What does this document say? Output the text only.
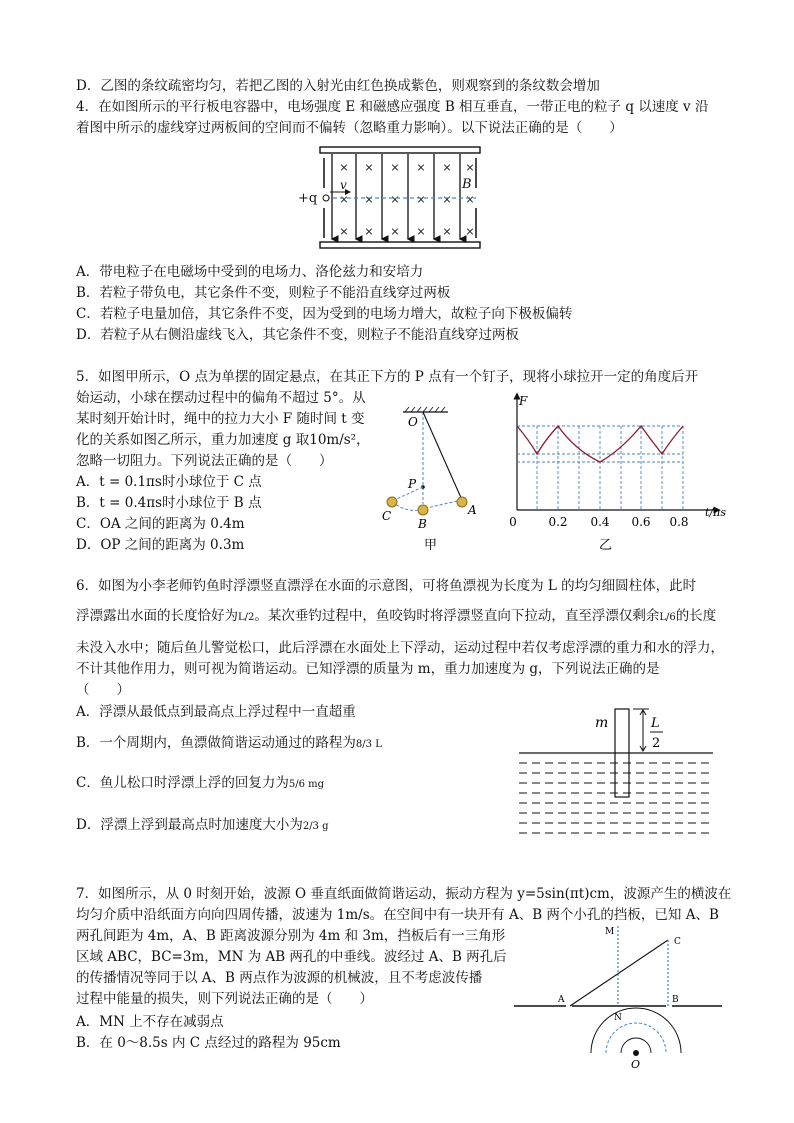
D．乙图的条纹疏密均匀，若把乙图的入射光由红色换成紫色，则观察到的条纹数会增加
4．在如图所示的平行板电容器中，电场强度 E 和磁感应强度 B 相互垂直，一带正电的粒子 q 以速度 v 沿
着图中所示的虚线穿过两板间的空间而不偏转（忽略重力影响）。以下说法正确的是（　　）
× × × × × ×
× × × × × ×
× × × × × ×
+q
v	B
A．带电粒子在电磁场中受到的电场力、洛伦兹力和安培力
B．若粒子带负电，其它条件不变，则粒子不能沿直线穿过两板
C．若粒子电量加倍，其它条件不变，因为受到的电场力增大，故粒子向下极板偏转
D．若粒子从右侧沿虚线飞入，其它条件不变，则粒子不能沿直线穿过两板
5．如图甲所示，O 点为单摆的固定悬点，在其正下方的 P 点有一个钉子，现将小球拉开一定的角度后开
始运动，小球在摆动过程中的偏角不超过 5°。从
某时刻开始计时，绳中的拉力大小 F 随时间 t 变
化的关系如图乙所示，重力加速度 g 取10m/s²，
忽略一切阻力。下列说法正确的是（　　）
A．t = 0.1πs时小球位于 C 点
B．t = 0.4πs时小球位于 B 点
C．OA 之间的距离为 0.4m
D．OP 之间的距离为 0.3m
O
P
A
B
C
甲
F
t/πs
0	0.2 0.4 0.6 0.8
乙
6．如图为小李老师钓鱼时浮漂竖直漂浮在水面的示意图，可将鱼漂视为长度为 L 的均匀细圆柱体，此时
浮漂露出水面的长度恰好为L/2。某次垂钓过程中，鱼咬钩时将浮漂竖直向下拉动，直至浮漂仅剩余L/6的长度
未没入水中；随后鱼儿警觉松口，此后浮漂在水面处上下浮动，运动过程中若仅考虑浮漂的重力和水的浮力，
不计其他作用力，则可视为简谐运动。已知浮漂的质量为 m，重力加速度为 g，下列说法正确的是
（　　）
A．浮漂从最低点到最高点上浮过程中一直超重
B．一个周期内，鱼漂做简谐运动通过的路程为8/3 L
C．鱼儿松口时浮漂上浮的回复力为5/6 mg
D．浮漂上浮到最高点时加速度大小为2/3 g
m	L
2
7．如图所示，从 0 时刻开始，波源 O 垂直纸面做简谐运动，振动方程为 y=5sin(πt)cm，波源产生的横波在
均匀介质中沿纸面方向向四周传播，波速为 1m/s。在空间中有一块开有 A、B 两个小孔的挡板，已知 A、B
两孔间距为 4m，A、B 距离波源分别为 4m 和 3m，挡板后有一三角形
区域 ABC，BC=3m，MN 为 AB 两孔的中垂线。波经过 A、B 两孔后
的传播情况等同于以 A、B 两点作为波源的机械波，且不考虑波传播
过程中能量的损失，则下列说法正确的是（　　）
A．MN 上不存在减弱点
B．在 0～8.5s 内 C 点经过的路程为 95cm
M
C
A
N
B
O
